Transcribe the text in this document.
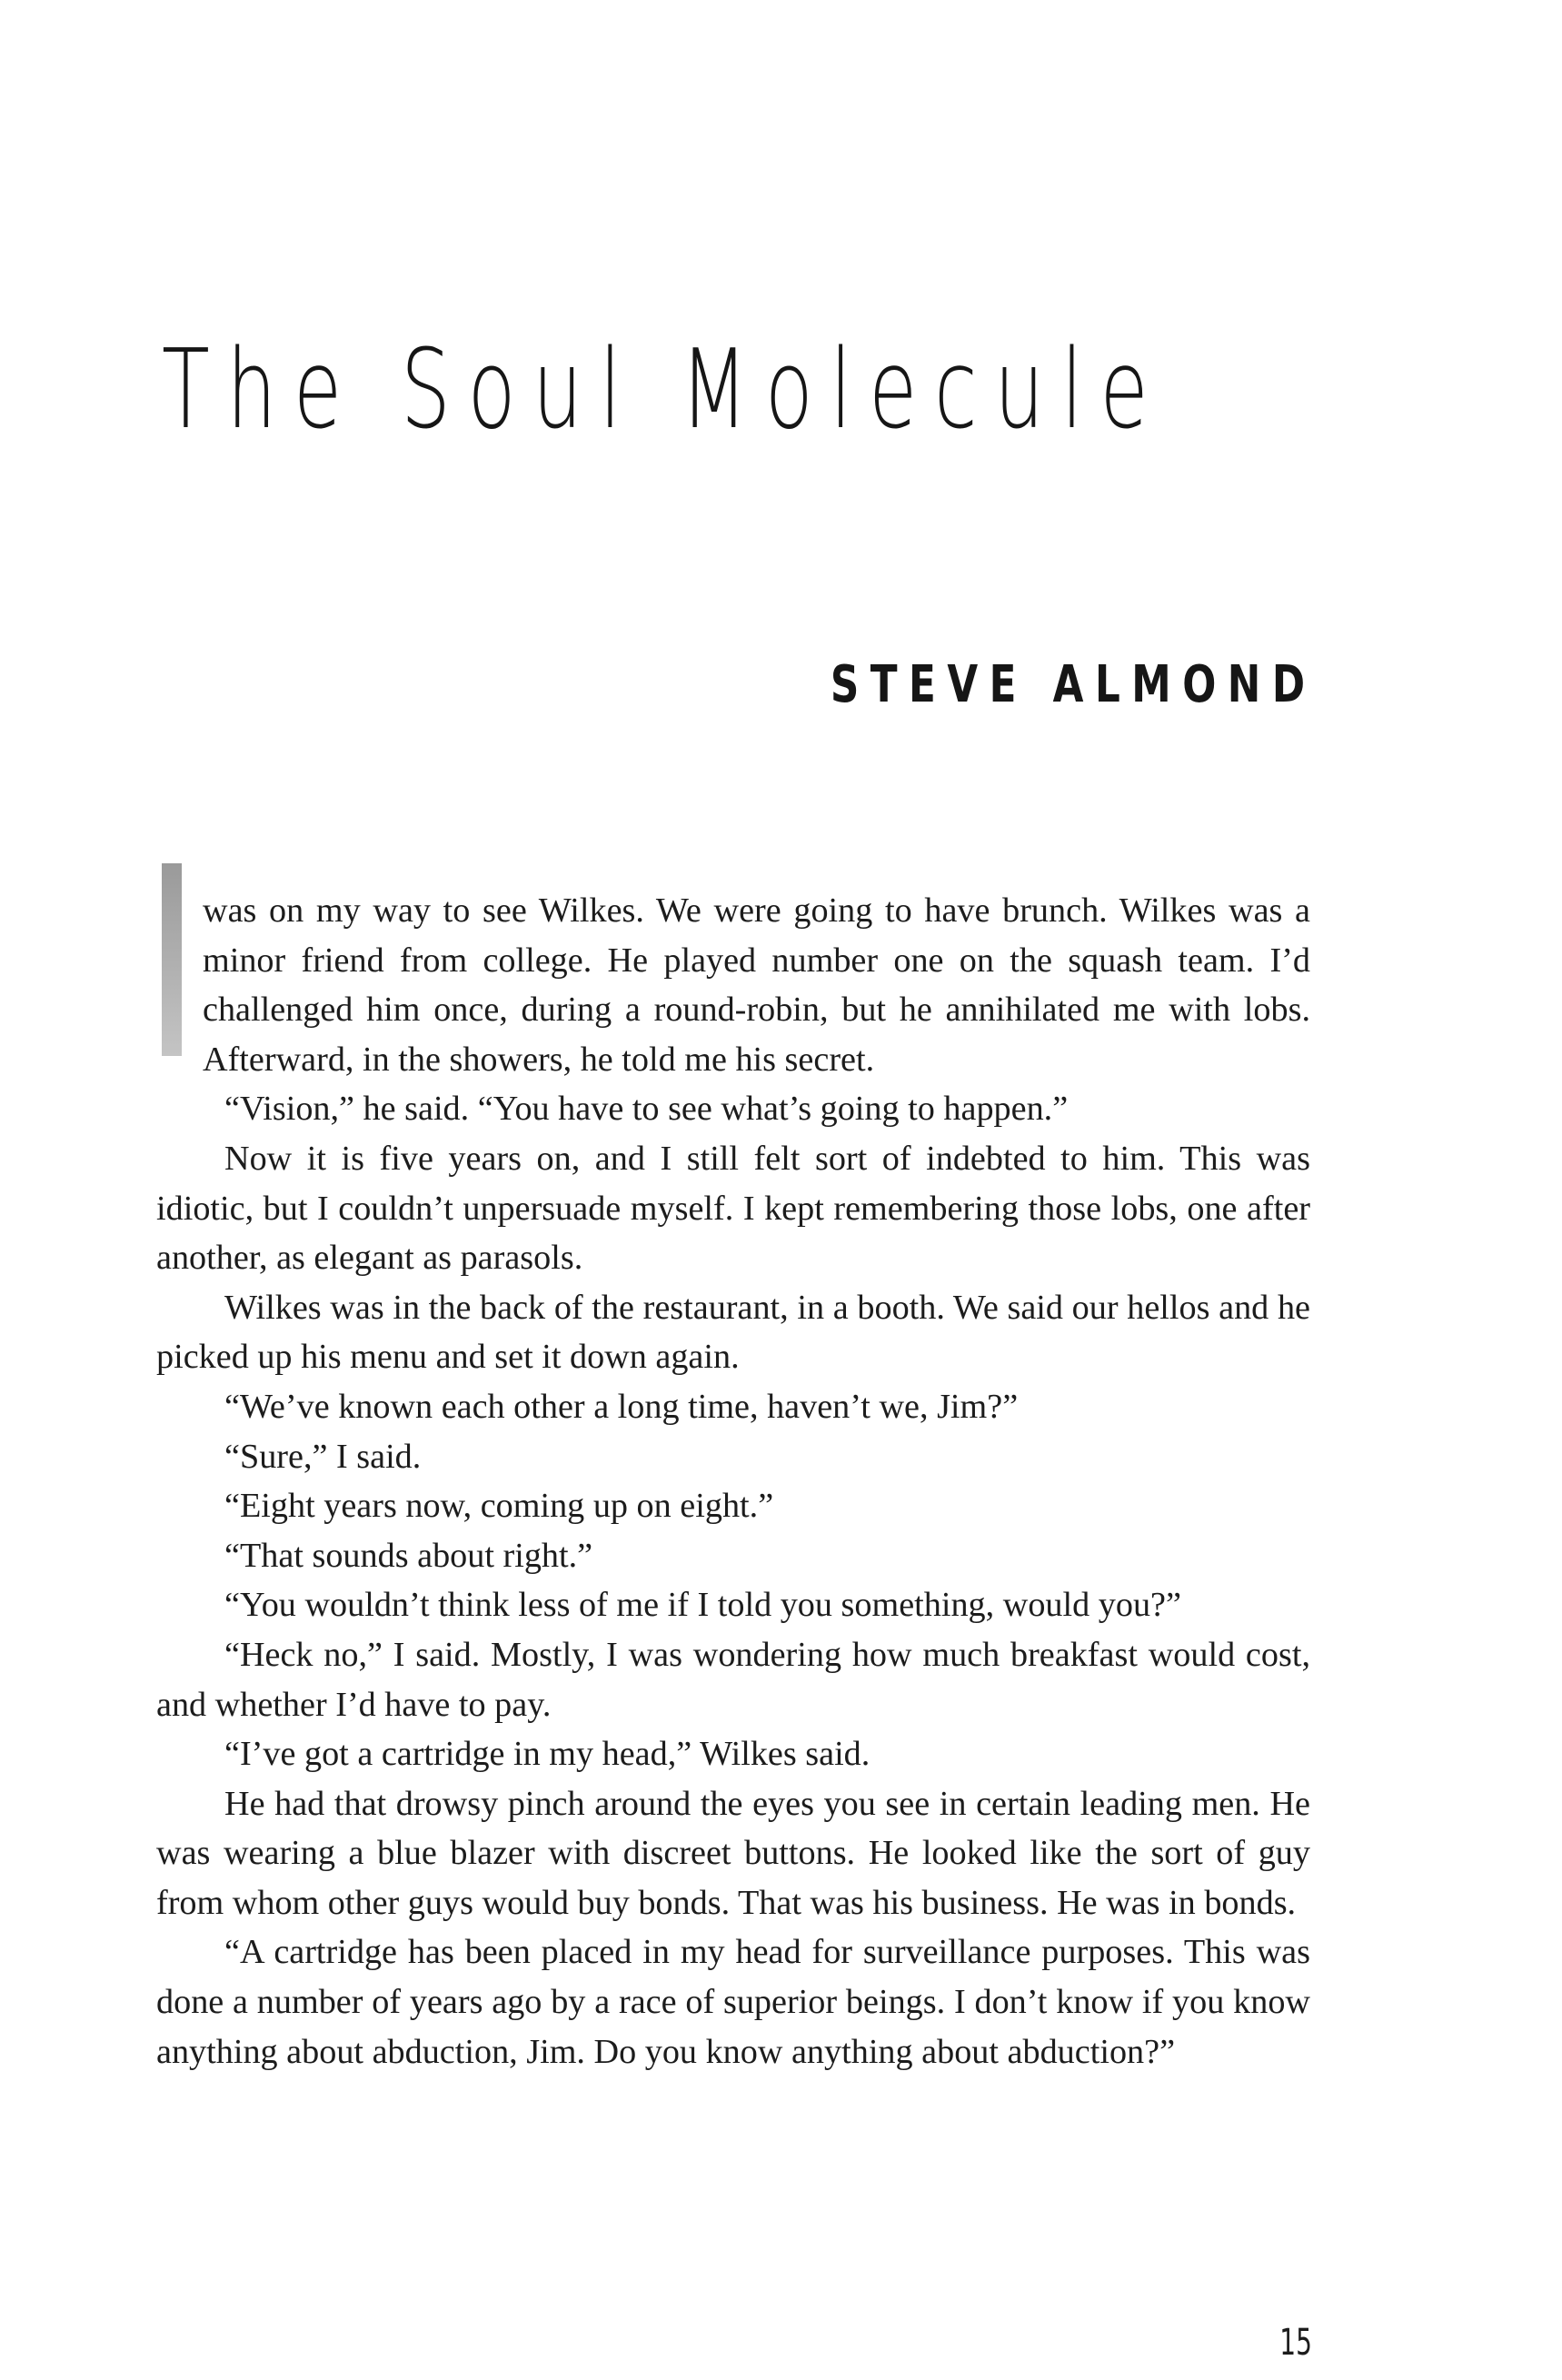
The Soul Molecule
STEVE ALMOND

was on my way to see Wilkes. We were going to have brunch. Wilkes was a minor friend from college. He played number one on the squash team. I’d challenged him once, during a round-robin, but he annihilated me with lobs. Afterward, in the showers, he told me his secret.

“Vision,” he said. “You have to see what’s going to happen.”

Now it is five years on, and I still felt sort of indebted to him. This was idiotic, but I couldn’t unpersuade myself. I kept remembering those lobs, one after another, as elegant as parasols.

Wilkes was in the back of the restaurant, in a booth. We said our hellos and he picked up his menu and set it down again.

“We’ve known each other a long time, haven’t we, Jim?”

“Sure,” I said.

“Eight years now, coming up on eight.”

“That sounds about right.”

“You wouldn’t think less of me if I told you something, would you?”

“Heck no,” I said. Mostly, I was wondering how much breakfast would cost, and whether I’d have to pay.

“I’ve got a cartridge in my head,” Wilkes said.

He had that drowsy pinch around the eyes you see in certain leading men. He was wearing a blue blazer with discreet buttons. He looked like the sort of guy from whom other guys would buy bonds. That was his business. He was in bonds.

“A cartridge has been placed in my head for surveillance purposes. This was done a number of years ago by a race of superior beings. I don’t know if you know anything about abduction, Jim. Do you know anything about abduction?”

15
